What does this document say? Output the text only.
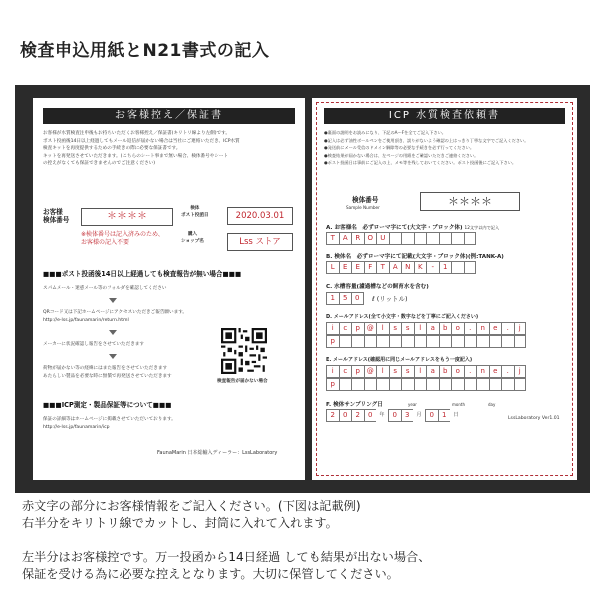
検査申込用紙とN21書式の記入
お客様控え／保証書
お客様が水質検査注申後もお持ちいただくお客様控え／保証書(キリトリ線より左側)です。
ポスト投函後14日以上経過してもメール返信が届かない場合は当社にご連絡いただき、ICP水質
検査キットを再度提供するための手続きの際に必要な保証書です。
キットを再発送させていただきます。(こちらのシート事まで無い場合、検体番号やシート
の控えがなくても保証できませんのでご注意ください)
お客様
検体番号	＊＊＊＊
※検体番号は記入済みのため、
お客様の記入不要
検体
ポスト投函日	2020.03.01
購入
ショップ名	Lss ストア
■■■ポスト投函後14日以上経過しても検査報告が無い場合■■■
スパムメール・迷惑メール等のフォルダを確認してください
QRコード又は下記ホームページにアクセスいただきご報告願います。
http://e-lss.jp/faunamarin/return.html
メーカーに状況確認し報告をさせていただきます
荷物が届かない等の経緯にはまた報告をさせていただきます
あたらしい製品を必要な時に無償で再発送させていただきます
検査報告が届かない場合
■■■ICP測定・製品保証等について■■■
保証の詳細等はホームページに掲載させていただいております。
http://e-lss.jp/faunamarin/icp
FaunaMarin 日本総輸入ディーラー：LssLaboratory
ICP 水質検査依頼書
●裏面の説明をお読みになり、下記のA～Fを全てご記入下さい。
●記入は必ず油性ボールペンをご使用頂き、誤りがないよう確認の上はっきり丁寧な文字でご記入ください。
●発送前にメール受信のドメイン解除等の必要な手続きを必ず行ってください。
●検査結果が届かない場合は、左ページの用紙をご確認いただきご連絡ください。
●ポスト投函日は事前にご記入の上、メモ等を残しておいてください。ポスト投函後にご記入下さい。
検体番号
Sample Number	＊＊＊＊
A. お客様名　必ずローマ字にて(大文字・ブロック体) 12文字以内で記入
T	A	R	O	U
B. 検体名　必ずローマ字にて記載(大文字・ブロック体)(例:TANK-A)
L	E	E	F	T	A	N	K	-	1
C. 水槽容量(濾過槽などの飼育水を含む)
1	5	0	ℓ (リットル)
D. メールアドレス(全て小文字・数字などを丁寧にご記入ください)
i	c	p @	l	s	s	l	a	b	o	.	n	e	.	j
p
E. メールアドレス(確認用に同じメールアドレスをもう一度記入)
i	c	p @	l	s	s	l	a	b	o	.	n	e	.	j
p
F. 検体サンプリング日	year	month	day
2	0	2	0	年	0	3	月	0	1	日
LssLaboratory Ver1.01
赤文字の部分にお客様情報をご記入ください。(下図は記載例)
右半分をキリトリ線でカットし、封筒に入れて入れます。
左半分はお客様控です。万一投函から14日経過 しても結果が出ない場合、
保証を受ける為に必要な控えとなります。大切に保管してください。
